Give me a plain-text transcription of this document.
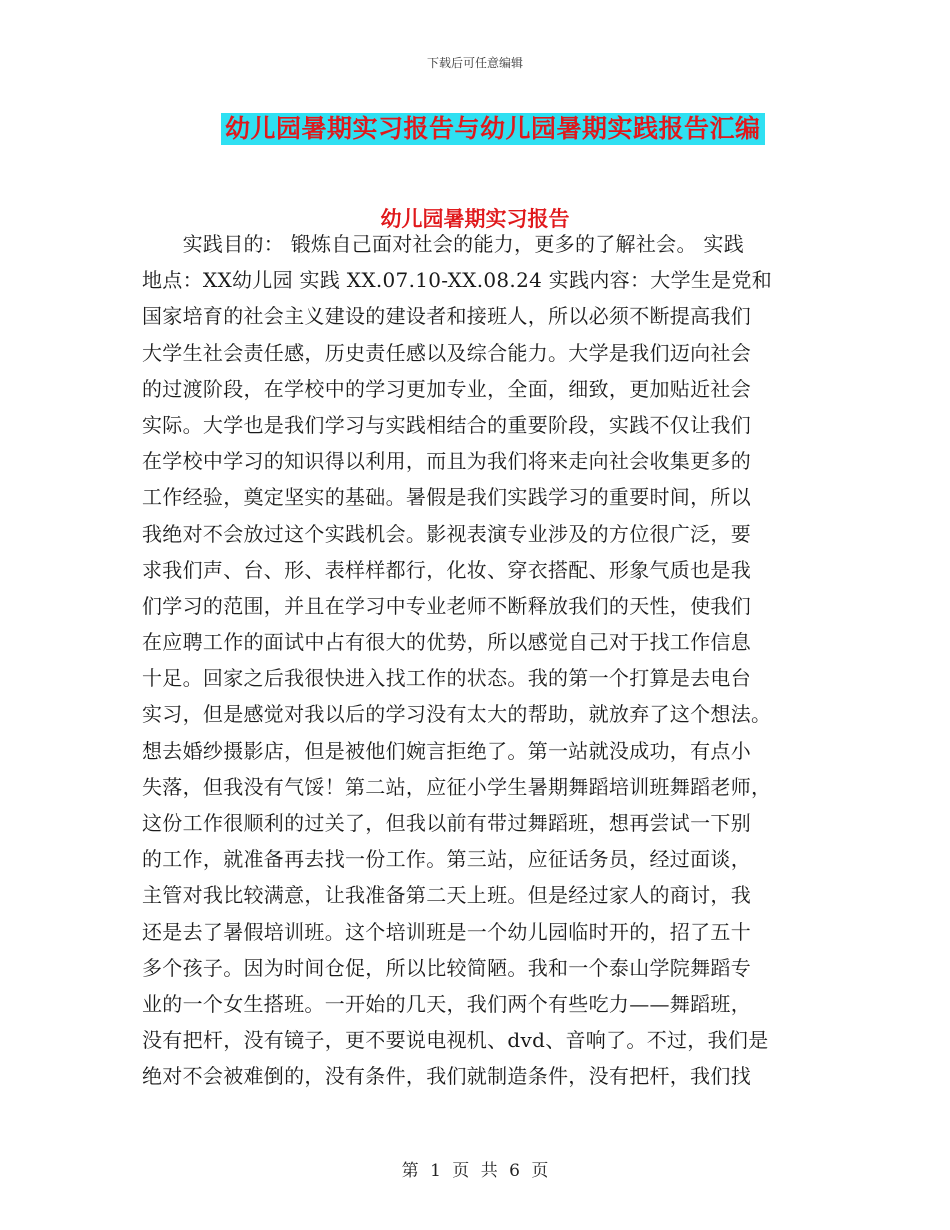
下载后可任意编辑
幼儿园暑期实习报告与幼儿园暑期实践报告汇编
幼儿园暑期实习报告
　　实践目的： 锻炼自己面对社会的能力，更多的了解社会。 实践
地点：XX幼儿园 实践 XX.07.10-XX.08.24 实践内容：大学生是党和
国家培育的社会主义建设的建设者和接班人，所以必须不断提高我们
大学生社会责任感，历史责任感以及综合能力。大学是我们迈向社会
的过渡阶段，在学校中的学习更加专业，全面，细致，更加贴近社会
实际。大学也是我们学习与实践相结合的重要阶段，实践不仅让我们
在学校中学习的知识得以利用，而且为我们将来走向社会收集更多的
工作经验，奠定坚实的基础。暑假是我们实践学习的重要时间，所以
我绝对不会放过这个实践机会。影视表演专业涉及的方位很广泛，要
求我们声、台、形、表样样都行，化妆、穿衣搭配、形象气质也是我
们学习的范围，并且在学习中专业老师不断释放我们的天性，使我们
在应聘工作的面试中占有很大的优势，所以感觉自己对于找工作信息
十足。回家之后我很快进入找工作的状态。我的第一个打算是去电台
实习，但是感觉对我以后的学习没有太大的帮助，就放弃了这个想法。
想去婚纱摄影店，但是被他们婉言拒绝了。第一站就没成功，有点小
失落，但我没有气馁！第二站，应征小学生暑期舞蹈培训班舞蹈老师，
这份工作很顺利的过关了，但我以前有带过舞蹈班，想再尝试一下别
的工作，就准备再去找一份工作。第三站，应征话务员，经过面谈，
主管对我比较满意，让我准备第二天上班。但是经过家人的商讨，我
还是去了暑假培训班。这个培训班是一个幼儿园临时开的，招了五十
多个孩子。因为时间仓促，所以比较简陋。我和一个泰山学院舞蹈专
业的一个女生搭班。一开始的几天，我们两个有些吃力——舞蹈班，
没有把杆，没有镜子，更不要说电视机、dvd、音响了。不过，我们是
绝对不会被难倒的，没有条件，我们就制造条件，没有把杆，我们找
第 1 页 共 6 页
